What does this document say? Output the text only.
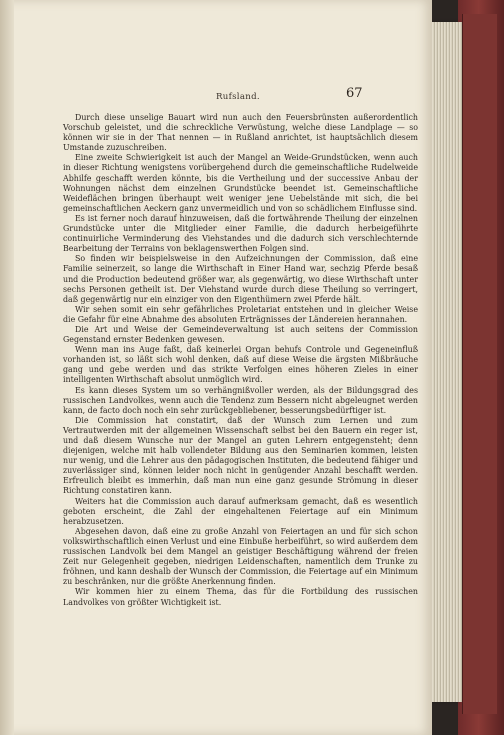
Rufsland.	67

Durch diese unselige Bauart wird nun auch den Feuersbrünsten außerordentlich Vorschub geleistet, und die schreckliche Verwüstung, welche diese Landplage — so können wir sie in der That nennen — in Rußland anrichtet, ist hauptsächlich diesem Umstande zuzuschreiben.

Eine zweite Schwierigkeit ist auch der Mangel an Weide-Grundstücken, wenn auch in dieser Richtung wenigstens vorübergehend durch die gemeinschaftliche Rudelweide Abhilfe geschafft werden könnte, bis die Vertheilung und der successive Anbau der Wohnungen nächst dem einzelnen Grundstücke beendet ist. Gemeinschaftliche Weideflächen bringen überhaupt weit weniger jene Uebelstände mit sich, die bei gemeinschaftlichen Aeckern ganz unvermeidlich und von so schädlichem Einflusse sind.

Es ist ferner noch darauf hinzuweisen, daß die fortwährende Theilung der einzelnen Grundstücke unter die Mitglieder einer Familie, die dadurch herbeigeführte continuirliche Verminderung des Viehstandes und die dadurch sich verschlechternde Bearbeitung der Terrains von beklagenswerthen Folgen sind.

So finden wir beispielsweise in den Aufzeichnungen der Commission, daß eine Familie seinerzeit, so lange die Wirthschaft in Einer Hand war, sechzig Pferde besaß und die Production bedeutend größer war, als gegenwärtig, wo diese Wirthschaft unter sechs Personen getheilt ist. Der Viehstand wurde durch diese Theilung so verringert, daß gegenwärtig nur ein einziger von den Eigenthümern zwei Pferde hält.

Wir sehen somit ein sehr gefährliches Proletariat entstehen und in gleicher Weise die Gefahr für eine Abnahme des absoluten Erträgnisses der Ländereien herannahen.

Die Art und Weise der Gemeindeverwaltung ist auch seitens der Commission Gegenstand ernster Bedenken gewesen.

Wenn man ins Auge faßt, daß keinerlei Organ behufs Controle und Gegeneinfluß vorhanden ist, so läßt sich wohl denken, daß auf diese Weise die ärgsten Mißbräuche gang und gebe werden und das strikte Verfolgen eines höheren Zieles in einer intelligenten Wirthschaft absolut unmöglich wird.

Es kann dieses System um so verhängnißvoller werden, als der Bildungsgrad des russischen Landvolkes, wenn auch die Tendenz zum Bessern nicht abgeleugnet werden kann, de facto doch noch ein sehr zurückgebliebener, besserungsbedürftiger ist.

Die Commission hat constatirt, daß der Wunsch zum Lernen und zum Vertrautwerden mit der allgemeinen Wissenschaft selbst bei den Bauern ein reger ist, und daß diesem Wunsche nur der Mangel an guten Lehrern entgegensteht; denn diejenigen, welche mit halb vollendeter Bildung aus den Seminarien kommen, leisten nur wenig, und die Lehrer aus den pädagogischen Instituten, die bedeutend fähiger und zuverlässiger sind, können leider noch nicht in genügender Anzahl beschafft werden. Erfreulich bleibt es immerhin, daß man nun eine ganz gesunde Strömung in dieser Richtung constatiren kann.

Weiters hat die Commission auch darauf aufmerksam gemacht, daß es wesentlich geboten erscheint, die Zahl der eingehaltenen Feiertage auf ein Minimum herabzusetzen.

Abgesehen davon, daß eine zu große Anzahl von Feiertagen an und für sich schon volkswirthschaftlich einen Verlust und eine Einbuße herbeiführt, so wird außerdem dem russischen Landvolk bei dem Mangel an geistiger Beschäftigung während der freien Zeit nur Gelegenheit gegeben, niedrigen Leidenschaften, namentlich dem Trunke zu fröhnen, und kann deshalb der Wunsch der Commission, die Feiertage auf ein Minimum zu beschränken, nur die größte Anerkennung finden.

Wir kommen hier zu einem Thema, das für die Fortbildung des russischen Landvolkes von größter Wichtigkeit ist.
